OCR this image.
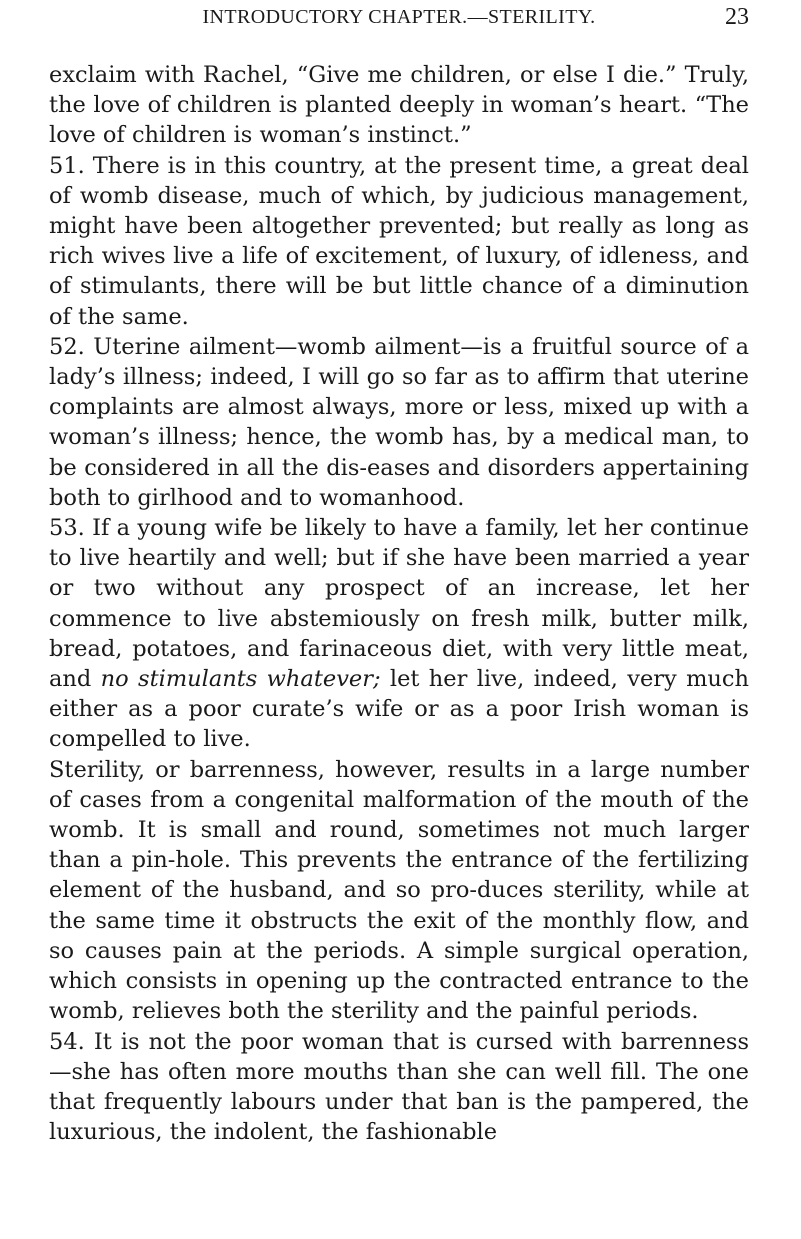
INTRODUCTORY CHAPTER.—STERILITY.	23

exclaim with Rachel, “Give me children, or else I die.” Truly, the love of children is planted deeply in woman’s heart. “The love of children is woman’s instinct.”

51. There is in this country, at the present time, a great deal of womb disease, much of which, by judicious management, might have been altogether prevented; but really as long as rich wives live a life of excitement, of luxury, of idleness, and of stimulants, there will be but little chance of a diminution of the same.

52. Uterine ailment—womb ailment—is a fruitful source of a lady’s illness; indeed, I will go so far as to affirm that uterine complaints are almost always, more or less, mixed up with a woman’s illness; hence, the womb has, by a medical man, to be considered in all the dis-eases and disorders appertaining both to girlhood and to womanhood.

53. If a young wife be likely to have a family, let her continue to live heartily and well; but if she have been married a year or two without any prospect of an increase, let her commence to live abstemiously on fresh milk, butter milk, bread, potatoes, and farinaceous diet, with very little meat, and no stimulants whatever; let her live, indeed, very much either as a poor curate’s wife or as a poor Irish woman is compelled to live.

Sterility, or barrenness, however, results in a large number of cases from a congenital malformation of the mouth of the womb. It is small and round, sometimes not much larger than a pin-hole. This prevents the entrance of the fertilizing element of the husband, and so pro-duces sterility, while at the same time it obstructs the exit of the monthly flow, and so causes pain at the periods. A simple surgical operation, which consists in opening up the contracted entrance to the womb, relieves both the sterility and the painful periods.

54. It is not the poor woman that is cursed with barrenness—she has often more mouths than she can well fill. The one that frequently labours under that ban is the pampered, the luxurious, the indolent, the fashionable
